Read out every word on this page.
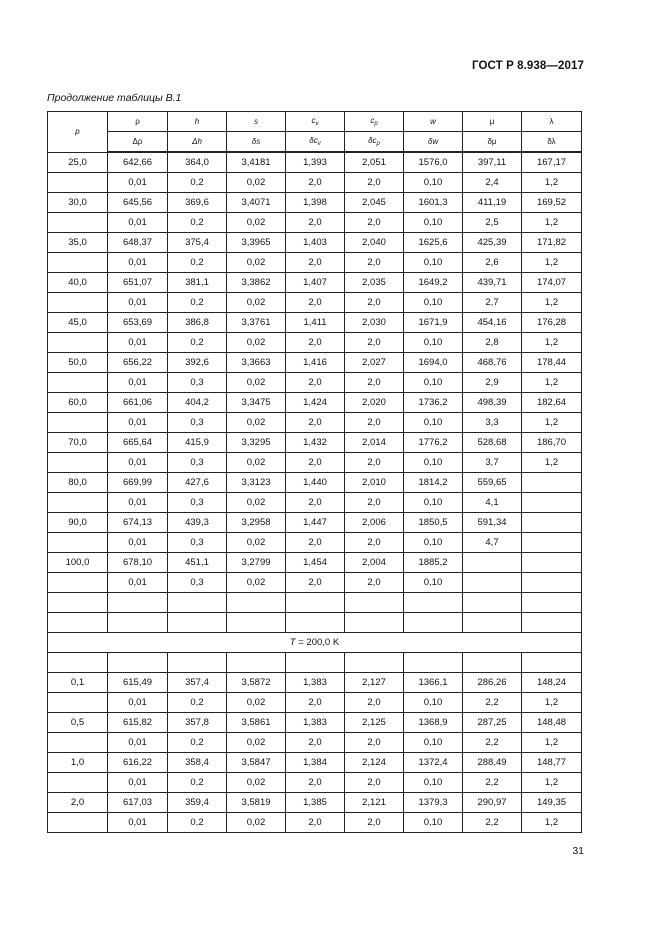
ГОСТ Р 8.938—2017
Продолжение таблицы В.1
p	ρ	h	s	$c_v$	$c_p$	w	μ	λ
	Δρ	Δh	δs	$\delta c_v$	$\delta c_p$	δw	δμ	δλ
25,0	642,66	364,0	3,4181	1,393	2,051	1576,0	397,11	167,17
	0,01	0,2	0,02	2,0	2,0	0,10	2,4	1,2
30,0	645,56	369,6	3,4071	1,398	2,045	1601,3	411,19	169,52
	0,01	0,2	0,02	2,0	2,0	0,10	2,5	1,2
35,0	648,37	375,4	3,3965	1,403	2,040	1625,6	425,39	171,82
	0,01	0,2	0,02	2,0	2,0	0,10	2,6	1,2
40,0	651,07	381,1	3,3862	1,407	2,035	1649,2	439,71	174,07
	0,01	0,2	0,02	2,0	2,0	0,10	2,7	1,2
45,0	653,69	386,8	3,3761	1,411	2,030	1671,9	454,16	176,28
	0,01	0,2	0,02	2,0	2,0	0,10	2,8	1,2
50,0	656,22	392,6	3,3663	1,416	2,027	1694,0	468,76	178,44
	0,01	0,3	0,02	2,0	2,0	0,10	2,9	1,2
60,0	661,06	404,2	3,3475	1,424	2,020	1736,2	498,39	182,64
	0,01	0,3	0,02	2,0	2,0	0,10	3,3	1,2
70,0	665,64	415,9	3,3295	1,432	2,014	1776,2	528,68	186,70
	0,01	0,3	0,02	2,0	2,0	0,10	3,7	1,2
80,0	669,99	427,6	3,3123	1,440	2,010	1814,2	559,65	
	0,01	0,3	0,02	2,0	2,0	0,10	4,1	
90,0	674,13	439,3	3,2958	1,447	2,006	1850,5	591,34	
	0,01	0,3	0,02	2,0	2,0	0,10	4,7	
100,0	678,10	451,1	3,2799	1,454	2,004	1885,2		
	0,01	0,3	0,02	2,0	2,0	0,10		

T = 200,0 K								

0,1	615,49	357,4	3,5872	1,383	2,127	1366,1	286,26	148,24
	0,01	0,2	0,02	2,0	2,0	0,10	2,2	1,2
0,5	615,82	357,8	3,5861	1,383	2,125	1368,9	287,25	148,48
	0,01	0,2	0,02	2,0	2,0	0,10	2,2	1,2
1,0	616,22	358,4	3,5847	1,384	2,124	1372,4	288,49	148,77
	0,01	0,2	0,02	2,0	2,0	0,10	2,2	1,2
2,0	617,03	359,4	3,5819	1,385	2,121	1379,3	290,97	149,35
	0,01	0,2	0,02	2,0	2,0	0,10	2,2	1,2
31
